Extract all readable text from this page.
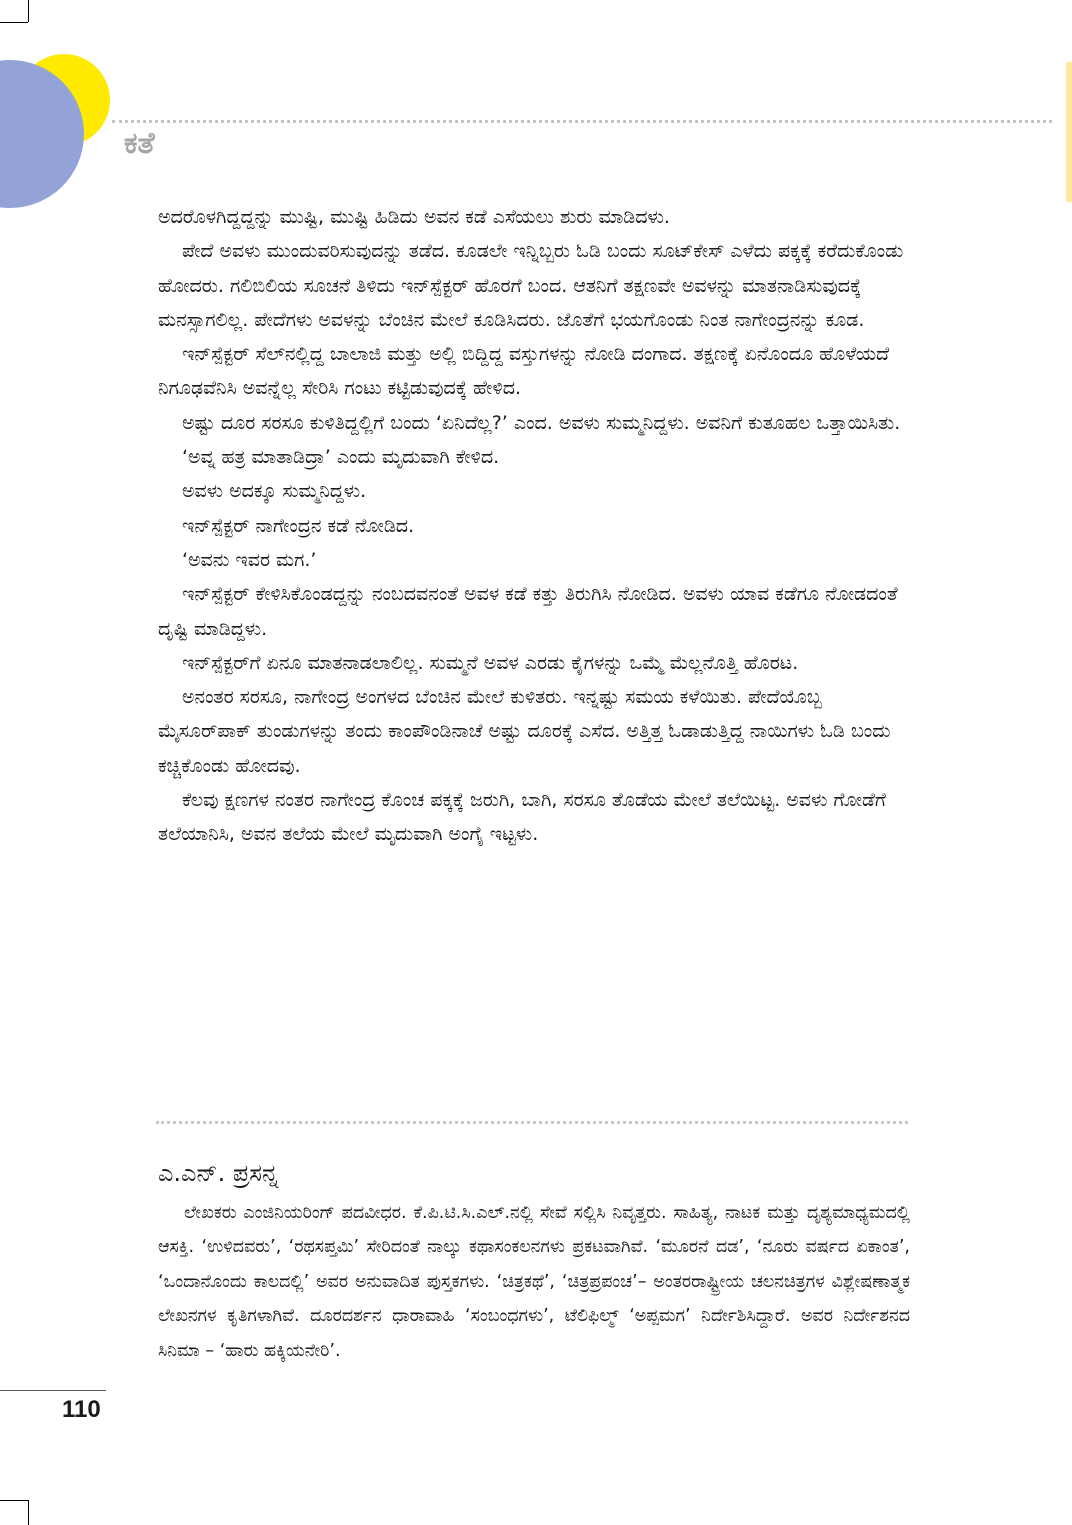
ಕತೆ

ಅದರೊಳಗಿದ್ದದ್ದನ್ನು ಮುಷ್ಟಿ, ಮುಷ್ಟಿ ಹಿಡಿದು ಅವನ ಕಡೆ ಎಸೆಯಲು ಶುರು ಮಾಡಿದಳು.

ಪೇದೆ ಅವಳು ಮುಂದುವರಿಸುವುದನ್ನು ತಡೆದ. ಕೂಡಲೇ ಇನ್ನಿಬ್ಬರು ಓಡಿ ಬಂದು ಸೂಟ್‌ಕೇಸ್ ಎಳೆದು ಪಕ್ಕಕ್ಕೆ ಕರೆದುಕೊಂಡು ಹೋದರು. ಗಲಿಬಿಲಿಯ ಸೂಚನೆ ತಿಳಿದು ಇನ್‌ಸ್ಪೆಕ್ಟರ್ ಹೊರಗೆ ಬಂದ. ಆತನಿಗೆ ತಕ್ಷಣವೇ ಅವಳನ್ನು ಮಾತನಾಡಿಸುವುದಕ್ಕೆ ಮನಸ್ಸಾಗಲಿಲ್ಲ. ಪೇದೆಗಳು ಅವಳನ್ನು ಬೆಂಚಿನ ಮೇಲೆ ಕೂಡಿಸಿದರು. ಜೊತೆಗೆ ಭಯಗೊಂಡು ನಿಂತ ನಾಗೇಂದ್ರನನ್ನು ಕೂಡ.

ಇನ್‌ಸ್ಪೆಕ್ಟರ್ ಸೆಲ್‌ನಲ್ಲಿದ್ದ ಬಾಲಾಜಿ ಮತ್ತು ಅಲ್ಲಿ ಬಿದ್ದಿದ್ದ ವಸ್ತುಗಳನ್ನು ನೋಡಿ ದಂಗಾದ. ತಕ್ಷಣಕ್ಕೆ ಏನೊಂದೂ ಹೊಳೆಯದೆ ನಿಗೂಢವೆನಿಸಿ ಅವನ್ನೆಲ್ಲ ಸೇರಿಸಿ ಗಂಟು ಕಟ್ಟಿಡುವುದಕ್ಕೆ ಹೇಳಿದ.

ಅಷ್ಟು ದೂರ ಸರಸೂ ಕುಳಿತಿದ್ದಲ್ಲಿಗೆ ಬಂದು ‘ಏನಿದೆಲ್ಲ?’ ಎಂದ. ಅವಳು ಸುಮ್ಮನಿದ್ದಳು. ಅವನಿಗೆ ಕುತೂಹಲ ಒತ್ತಾಯಿಸಿತು.

‘ಅವ್ನ ಹತ್ರ ಮಾತಾಡಿದ್ರಾ’ ಎಂದು ಮೃದುವಾಗಿ ಕೇಳಿದ.

ಅವಳು ಅದಕ್ಕೂ ಸುಮ್ಮನಿದ್ದಳು.

ಇನ್‌ಸ್ಪೆಕ್ಟರ್ ನಾಗೇಂದ್ರನ ಕಡೆ ನೋಡಿದ.

‘ಅವನು ಇವರ ಮಗ.’

ಇನ್‌ಸ್ಪೆಕ್ಟರ್ ಕೇಳಿಸಿಕೊಂಡದ್ದನ್ನು ನಂಬದವನಂತೆ ಅವಳ ಕಡೆ ಕತ್ತು ತಿರುಗಿಸಿ ನೋಡಿದ. ಅವಳು ಯಾವ ಕಡೆಗೂ ನೋಡದಂತೆ ದೃಷ್ಟಿ ಮಾಡಿದ್ದಳು.

ಇನ್‌ಸ್ಪೆಕ್ಟರ್‌ಗೆ ಏನೂ ಮಾತನಾಡಲಾಲಿಲ್ಲ. ಸುಮ್ಮನೆ ಅವಳ ಎರಡು ಕೈಗಳನ್ನು ಒಮ್ಮೆ ಮೆಲ್ಲನೊತ್ತಿ ಹೊರಟ.

ಅನಂತರ ಸರಸೂ, ನಾಗೇಂದ್ರ ಅಂಗಳದ ಬೆಂಚಿನ ಮೇಲೆ ಕುಳಿತರು. ಇನ್ನಷ್ಟು ಸಮಯ ಕಳೆಯಿತು. ಪೇದೆಯೊಬ್ಬ ಮೈಸೂರ್‌ಪಾಕ್ ತುಂಡುಗಳನ್ನು ತಂದು ಕಾಂಪೌಂಡಿನಾಚೆ ಅಷ್ಟು ದೂರಕ್ಕೆ ಎಸೆದ. ಅತ್ತಿತ್ತ ಓಡಾಡುತ್ತಿದ್ದ ನಾಯಿಗಳು ಓಡಿ ಬಂದು ಕಚ್ಚಿಕೊಂಡು ಹೋದವು.

ಕೆಲವು ಕ್ಷಣಗಳ ನಂತರ ನಾಗೇಂದ್ರ ಕೊಂಚ ಪಕ್ಕಕ್ಕೆ ಜರುಗಿ, ಬಾಗಿ, ಸರಸೂ ತೊಡೆಯ ಮೇಲೆ ತಲೆಯಿಟ್ಟ. ಅವಳು ಗೋಡೆಗೆ ತಲೆಯಾನಿಸಿ, ಅವನ ತಲೆಯ ಮೇಲೆ ಮೃದುವಾಗಿ ಅಂಗೈ ಇಟ್ಟಳು.

ಎ.ಎನ್. ಪ್ರಸನ್ನ

ಲೇಖಕರು ಎಂಜಿನಿಯರಿಂಗ್ ಪದವೀಧರ. ಕೆ.ಪಿ.ಟಿ.ಸಿ.ಎಲ್.ನಲ್ಲಿ ಸೇವೆ ಸಲ್ಲಿಸಿ ನಿವೃತ್ತರು. ಸಾಹಿತ್ಯ, ನಾಟಕ ಮತ್ತು ದೃಶ್ಯಮಾಧ್ಯಮದಲ್ಲಿ ಆಸಕ್ತಿ. ‘ಉಳಿದವರು’, ‘ರಥಸಪ್ತಮಿ’ ಸೇರಿದಂತೆ ನಾಲ್ಕು ಕಥಾಸಂಕಲನಗಳು ಪ್ರಕಟವಾಗಿವೆ. ‘ಮೂರನೆ ದಡ’, ‘ನೂರು ವರ್ಷದ ಏಕಾಂತ’, ‘ಒಂದಾನೊಂದು ಕಾಲದಲ್ಲಿ’ ಅವರ ಅನುವಾದಿತ ಪುಸ್ತಕಗಳು. ‘ಚಿತ್ರಕಥೆ’, ‘ಚಿತ್ರಪ್ರಪಂಚ’– ಅಂತರರಾಷ್ಟ್ರೀಯ ಚಲನಚಿತ್ರಗಳ ವಿಶ್ಲೇಷಣಾತ್ಮಕ ಲೇಖನಗಳ ಕೃತಿಗಳಾಗಿವೆ. ದೂರದರ್ಶನ ಧಾರಾವಾಹಿ ‘ಸಂಬಂಧಗಳು’, ಟೆಲಿಫಿಲ್ಮ್ ‘ಅಪ್ಪಮಗ’ ನಿರ್ದೇಶಿಸಿದ್ದಾರೆ. ಅವರ ನಿರ್ದೇಶನದ ಸಿನಿಮಾ – ‘ಹಾರು ಹಕ್ಕಿಯನೇರಿ’.

110
